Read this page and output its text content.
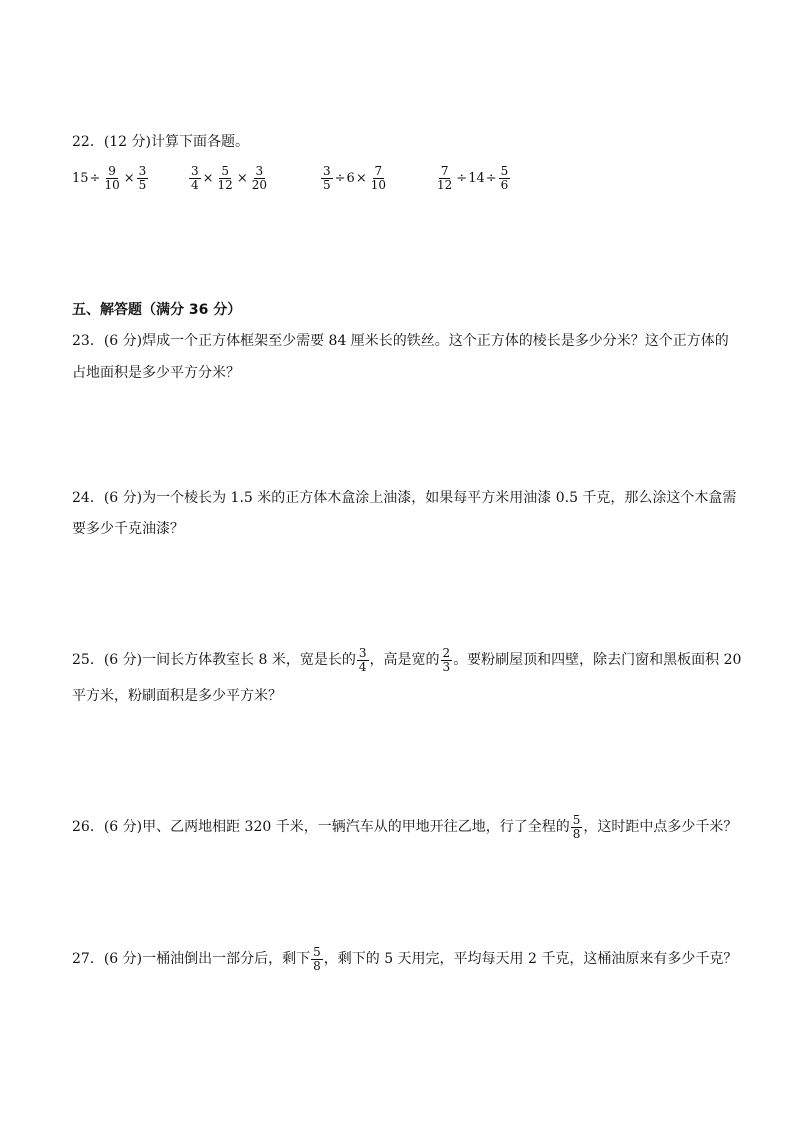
22．(12 分)计算下面各题。
$15\div \frac{9}{10} \times \frac{3}{5}$	$\frac{3}{4} \times \frac{5}{12} \times \frac{3}{20}$	$\frac{3}{5} \div 6\times \frac{7}{10}$	$\frac{7}{12} \div 14\div \frac{5}{6}$
五、解答题（满分 36 分）
23．(6 分)焊成一个正方体框架至少需要 84 厘米长的铁丝。这个正方体的棱长是多少分米？这个正方体的
占地面积是多少平方分米？
24．(6 分)为一个棱长为 1.5 米的正方体木盒涂上油漆，如果每平方米用油漆 0.5 千克，那么涂这个木盒需
要多少千克油漆？
25．(6 分)一间长方体教室长 8 米，宽是长的 $\frac{3}{4}$ ，高是宽的 $\frac{2}{3}$ 。要粉刷屋顶和四壁，除去门窗和黑板面积 20
平方米，粉刷面积是多少平方米？
26．(6 分)甲、乙两地相距 320 千米，一辆汽车从的甲地开往乙地，行了全程的 $\frac{5}{8}$ ，这时距中点多少千米？
27．(6 分)一桶油倒出一部分后，剩下 $\frac{5}{8}$ ，剩下的 5 天用完，平均每天用 2 千克，这桶油原来有多少千克？
